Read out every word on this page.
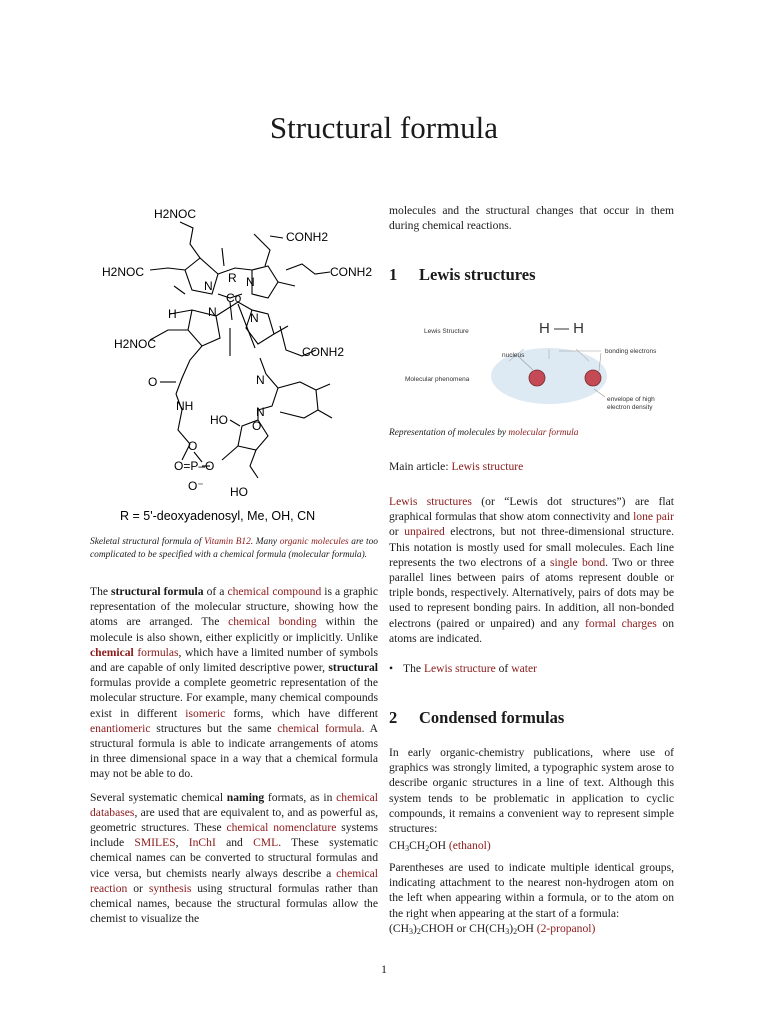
Structural formula
H2NOC
CONH2
CONH2
H2NOC
H2NOC
CONH2
N	N
N	N
R
Co
H
O
NH
HO
N
N
O
O
O=P–O
O⁻ HO
R = 5'-deoxyadenosyl, Me, OH, CN
Skeletal structural formula of Vitamin B12. Many organic molecules are too complicated to be specified with a chemical formula (molecular formula).

The structural formula of a chemical compound is a graphic representation of the molecular structure, showing how the atoms are arranged. The chemical bonding within the molecule is also shown, either explicitly or implicitly. Unlike chemical formulas, which have a limited number of symbols and are capable of only limited descriptive power, structural formulas provide a complete geometric representation of the molecular structure. For example, many chemical compounds exist in different isomeric forms, which have different enantiomeric structures but the same chemical formula. A structural formula is able to indicate arrangements of atoms in three dimensional space in a way that a chemical formula may not be able to do.

Several systematic chemical naming formats, as in chemical databases, are used that are equivalent to, and as powerful as, geometric structures. These chemical nomenclature systems include SMILES, InChI and CML. These systematic chemical names can be converted to structural formulas and vice versa, but chemists nearly always describe a chemical reaction or synthesis using structural formulas rather than chemical names, because the structural formulas allow the chemist to visualize the

molecules and the structural changes that occur in them during chemical reactions.

1 Lewis structures
Lewis Structure
Molecular phenomena
H — H
nucleus
bonding electrons
envelope of high
electron density
Representation of molecules by molecular formula

Main article: Lewis structure

Lewis structures (or “Lewis dot structures”) are flat graphical formulas that show atom connectivity and lone pair or unpaired electrons, but not three-dimensional structure. This notation is mostly used for small molecules. Each line represents the two electrons of a single bond. Two or three parallel lines between pairs of atoms represent double or triple bonds, respectively. Alternatively, pairs of dots may be used to represent bonding pairs. In addition, all non-bonded electrons (paired or unpaired) and any formal charges on atoms are indicated.

• The Lewis structure of water

2 Condensed formulas

In early organic-chemistry publications, where use of graphics was strongly limited, a typographic system arose to describe organic structures in a line of text. Although this system tends to be problematic in application to cyclic compounds, it remains a convenient way to represent simple structures:

$CH_3CH_2OH$ (ethanol)

Parentheses are used to indicate multiple identical groups, indicating attachment to the nearest non-hydrogen atom on the left when appearing within a formula, or to the atom on the right when appearing at the start of a formula:

$(CH_3)_2CHOH$ or $CH(CH_3)_2OH$ (2-propanol)

1
